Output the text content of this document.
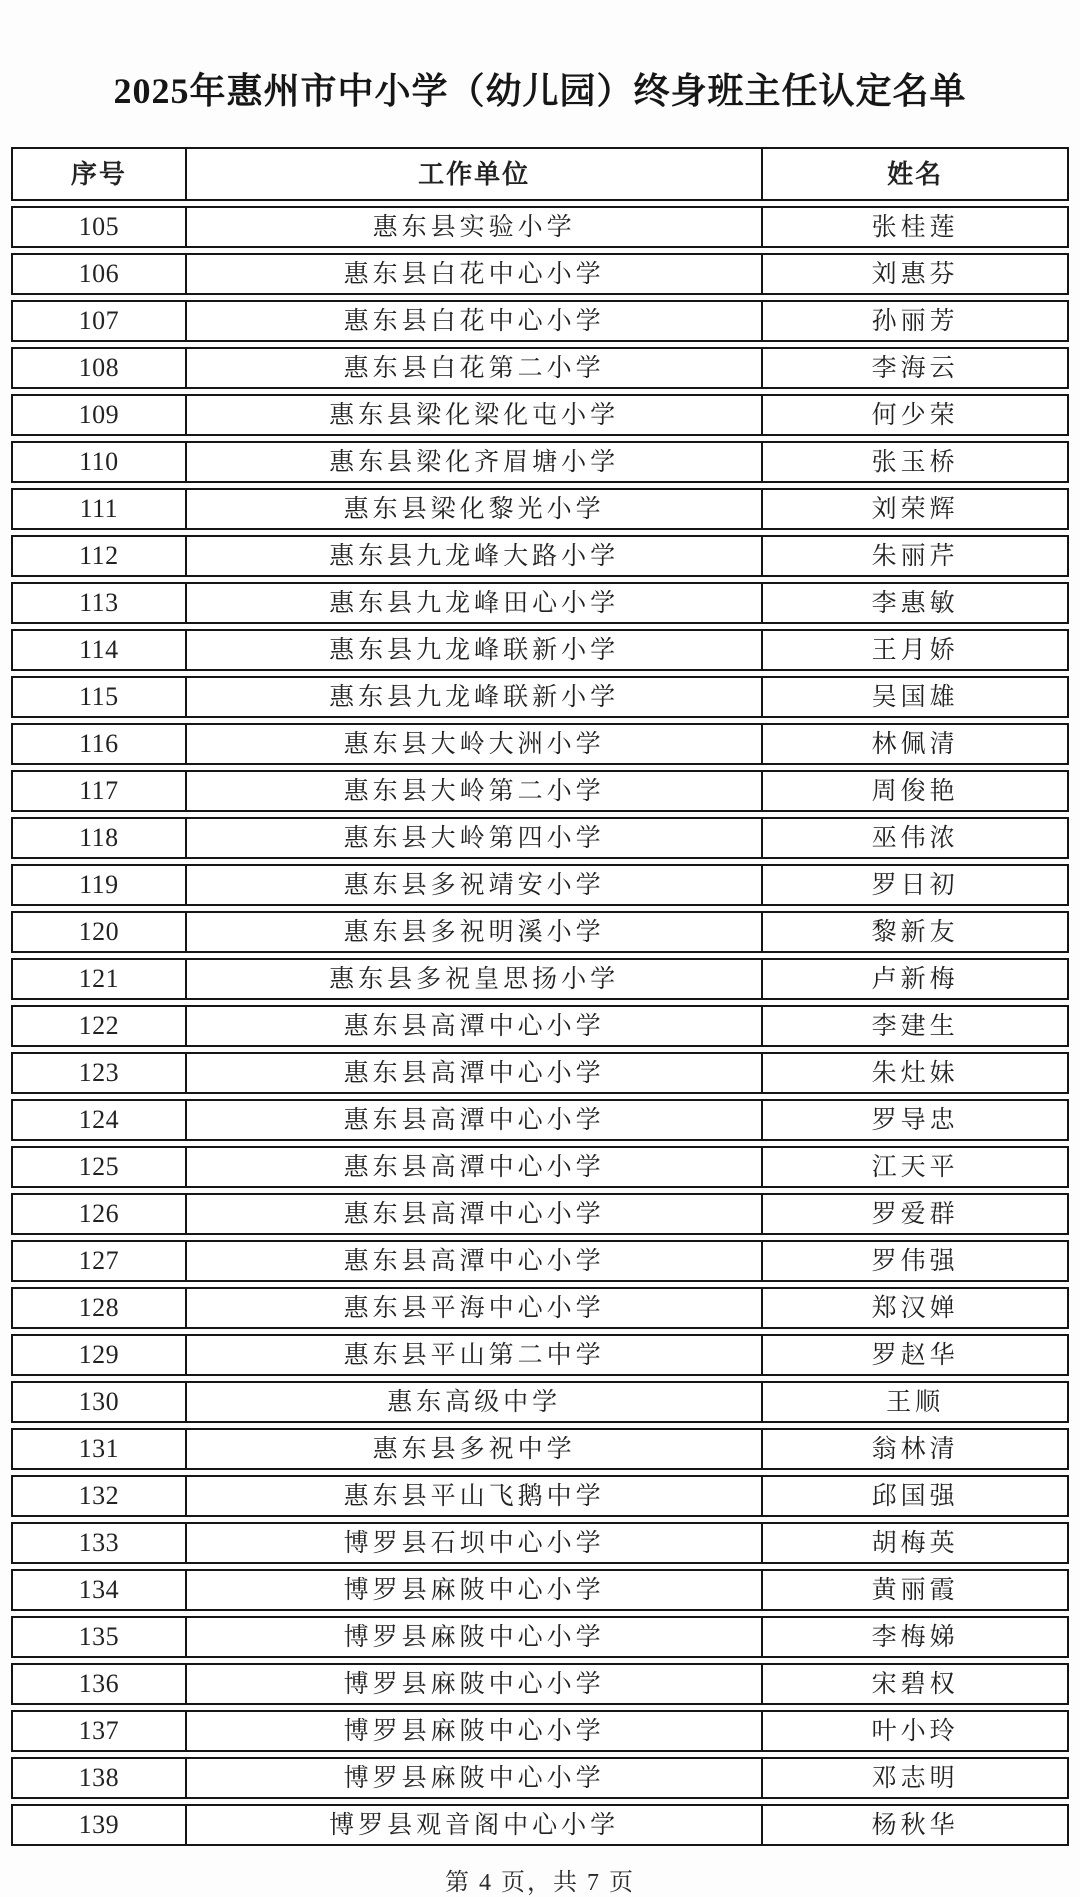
2025年惠州市中小学（幼儿园）终身班主任认定名单
序号	工作单位	姓名
105	惠东县实验小学	张桂莲
106	惠东县白花中心小学	刘惠芬
107	惠东县白花中心小学	孙丽芳
108	惠东县白花第二小学	李海云
109	惠东县梁化梁化屯小学	何少荣
110	惠东县梁化齐眉塘小学	张玉桥
111	惠东县梁化黎光小学	刘荣辉
112	惠东县九龙峰大路小学	朱丽芹
113	惠东县九龙峰田心小学	李惠敏
114	惠东县九龙峰联新小学	王月娇
115	惠东县九龙峰联新小学	吴国雄
116	惠东县大岭大洲小学	林佩清
117	惠东县大岭第二小学	周俊艳
118	惠东县大岭第四小学	巫伟浓
119	惠东县多祝靖安小学	罗日初
120	惠东县多祝明溪小学	黎新友
121	惠东县多祝皇思扬小学	卢新梅
122	惠东县高潭中心小学	李建生
123	惠东县高潭中心小学	朱灶妹
124	惠东县高潭中心小学	罗导忠
125	惠东县高潭中心小学	江天平
126	惠东县高潭中心小学	罗爱群
127	惠东县高潭中心小学	罗伟强
128	惠东县平海中心小学	郑汉婵
129	惠东县平山第二中学	罗赵华
130	惠东高级中学	王顺
131	惠东县多祝中学	翁林清
132	惠东县平山飞鹅中学	邱国强
133	博罗县石坝中心小学	胡梅英
134	博罗县麻陂中心小学	黄丽霞
135	博罗县麻陂中心小学	李梅娣
136	博罗县麻陂中心小学	宋碧权
137	博罗县麻陂中心小学	叶小玲
138	博罗县麻陂中心小学	邓志明
139	博罗县观音阁中心小学	杨秋华
第 4 页，共 7 页
